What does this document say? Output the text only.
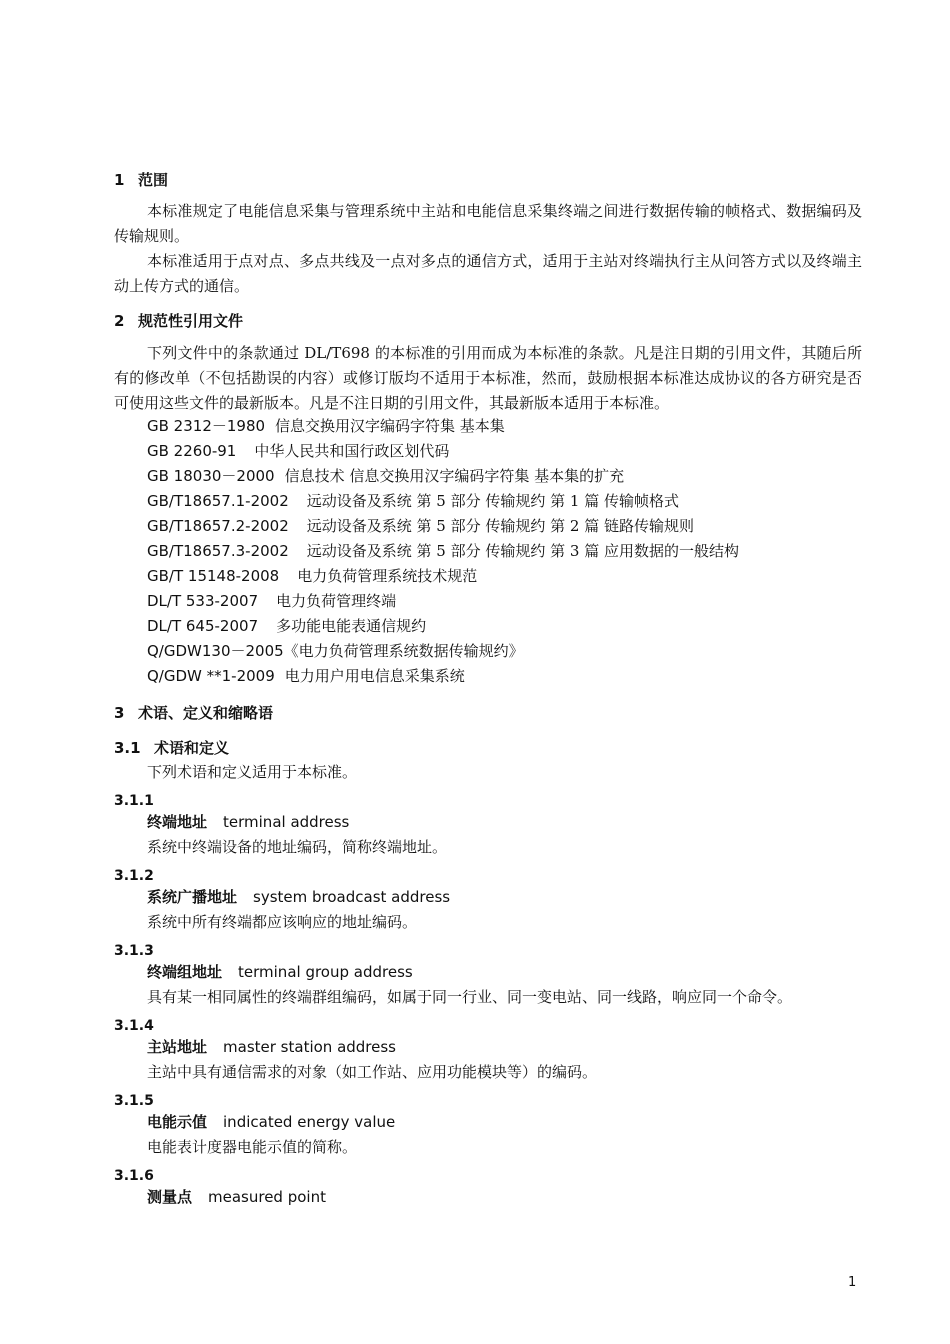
1 范围
本标准规定了电能信息采集与管理系统中主站和电能信息采集终端之间进行数据传输的帧格式、数据编码及传输规则。
本标准适用于点对点、多点共线及一点对多点的通信方式，适用于主站对终端执行主从问答方式以及终端主动上传方式的通信。
2 规范性引用文件
下列文件中的条款通过 DL/T698 的本标准的引用而成为本标准的条款。凡是注日期的引用文件，其随后所有的修改单（不包括勘误的内容）或修订版均不适用于本标准，然而，鼓励根据本标准达成协议的各方研究是否可使用这些文件的最新版本。凡是不注日期的引用文件，其最新版本适用于本标准。
GB 2312－1980 信息交换用汉字编码字符集 基本集
GB 2260-91 中华人民共和国行政区划代码
GB 18030－2000 信息技术 信息交换用汉字编码字符集 基本集的扩充
GB/T18657.1-2002 远动设备及系统 第 5 部分 传输规约 第 1 篇 传输帧格式
GB/T18657.2-2002 远动设备及系统 第 5 部分 传输规约 第 2 篇 链路传输规则
GB/T18657.3-2002 远动设备及系统 第 5 部分 传输规约 第 3 篇 应用数据的一般结构
GB/T 15148-2008 电力负荷管理系统技术规范
DL/T 533-2007 电力负荷管理终端
DL/T 645-2007 多功能电能表通信规约
Q/GDW130－2005《电力负荷管理系统数据传输规约》
Q/GDW **1-2009 电力用户用电信息采集系统
3 术语、定义和缩略语
3.1 术语和定义
下列术语和定义适用于本标准。
3.1.1
终端地址 terminal address
系统中终端设备的地址编码，简称终端地址。
3.1.2
系统广播地址 system broadcast address
系统中所有终端都应该响应的地址编码。
3.1.3
终端组地址 terminal group address
具有某一相同属性的终端群组编码，如属于同一行业、同一变电站、同一线路，响应同一个命令。
3.1.4
主站地址 master station address
主站中具有通信需求的对象（如工作站、应用功能模块等）的编码。
3.1.5
电能示值 indicated energy value
电能表计度器电能示值的简称。
3.1.6
测量点 measured point
1
